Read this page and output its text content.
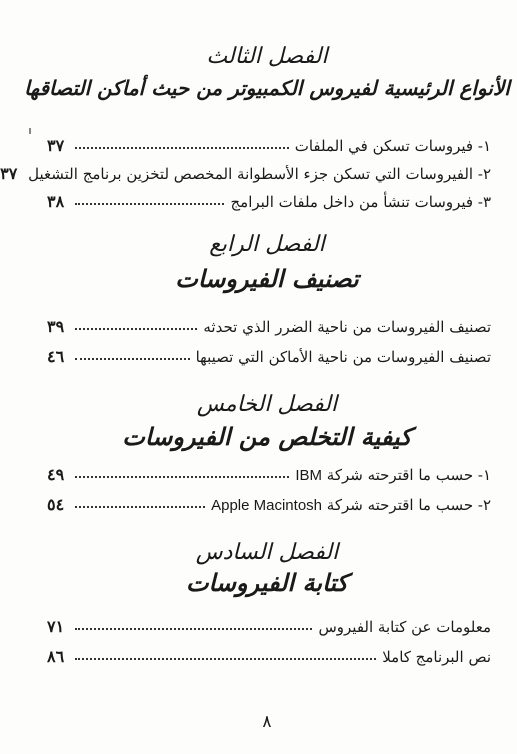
الفصل الثالث
الأنواع الرئيسية لفيروس الكمبيوتر من حيث أماكن التصاقها
١- فيروسات تسكن في الملفات
٣٧
٢- الفيروسات التي تسكن جزء الأسطوانة المخصص لتخزين برنامج التشغيل
٣٧
٣- فيروسات تنشأ من داخل ملفات البرامج
٣٨
الفصل الرابع
تصنيف الفيروسات
تصنيف الفيروسات من ناحية الضرر الذي تحدثه
٣٩
تصنيف الفيروسات من ناحية الأماكن التي تصيبها
٤٦
الفصل الخامس
كيفية التخلص من الفيروسات
١- حسب ما اقترحته شركة IBM
٤٩
٢- حسب ما اقترحته شركة Apple Macintosh
٥٤
الفصل السادس
كتابة الفيروسات
معلومات عن كتابة الفيروس
٧١
نص البرنامج كاملا
٨٦
٨
